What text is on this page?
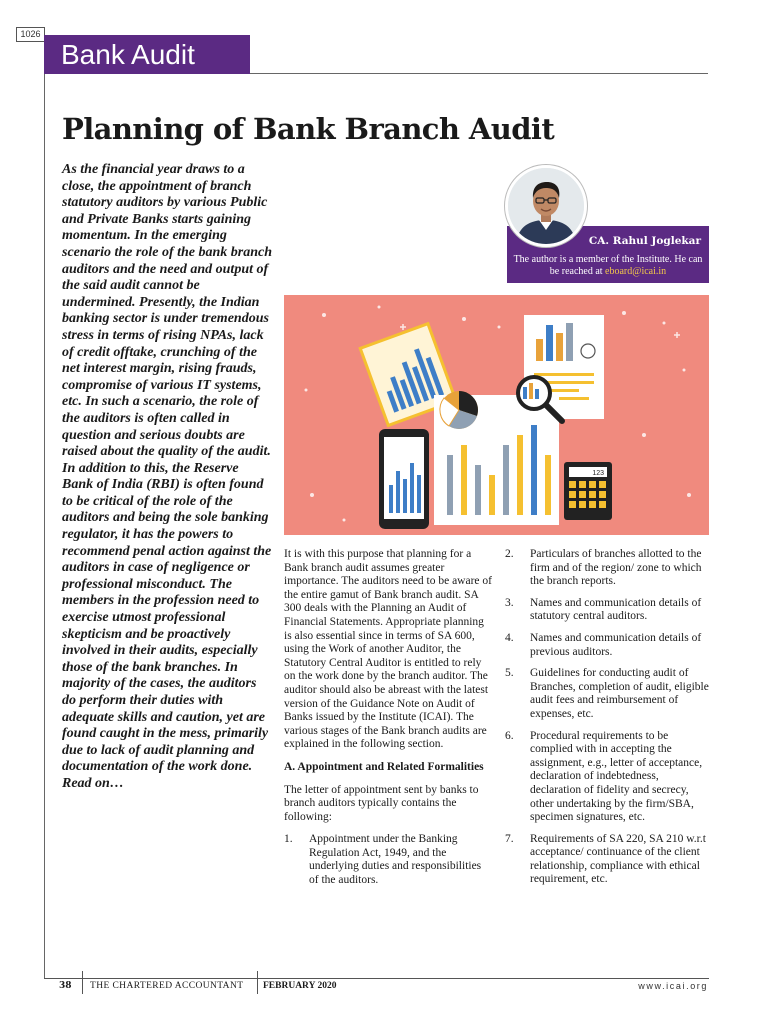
1026
Bank Audit
Planning of Bank Branch Audit

As the financial year draws to a close, the appointment of branch statutory auditors by various Public and Private Banks starts gaining momentum. In the emerging scenario the role of the bank branch auditors and the need and output of the said audit cannot be undermined. Presently, the Indian banking sector is under tremendous stress in terms of rising NPAs, lack of credit offtake, crunching of the net interest margin, rising frauds, compromise of various IT systems, etc. In such a scenario, the role of the auditors is often called in question and serious doubts are raised about the quality of the audit. In addition to this, the Reserve Bank of India (RBI) is often found to be critical of the role of the auditors and being the sole banking regulator, it has the powers to recommend penal action against the auditors in case of negligence or professional misconduct. The members in the profession need to exercise utmost professional skepticism and be proactively involved in their audits, especially those of the bank branches. In majority of the cases, the auditors do perform their duties with adequate skills and caution, yet are found caught in the mess, primarily due to lack of audit planning and documentation of the work done. Read on…

CA. Rahul Joglekar
The author is a member of the Institute. He can be reached at eboard@icai.in
123

It is with this purpose that planning for a Bank branch audit assumes greater importance. The auditors need to be aware of the entire gamut of Bank branch audit. SA 300 deals with the Planning an Audit of Financial Statements. Appropriate planning is also essential since in terms of SA 600, using the Work of another Auditor, the Statutory Central Auditor is entitled to rely on the work done by the branch auditor. The auditor should also be abreast with the latest version of the Guidance Note on Audit of Banks issued by the Institute (ICAI). The various stages of the Bank branch audits are explained in the following section.

A. Appointment and Related Formalities

The letter of appointment sent by banks to branch auditors typically contains the following:

1. Appointment under the Banking Regulation Act, 1949, and the underlying duties and responsibilities of the auditors.
2. Particulars of branches allotted to the firm and of the region/ zone to which the branch reports.
3. Names and communication details of statutory central auditors.
4. Names and communication details of previous auditors.
5. Guidelines for conducting audit of Branches, completion of audit, eligible audit fees and reimbursement of expenses, etc.
6. Procedural requirements to be complied with in accepting the assignment, e.g., letter of acceptance, declaration of indebtedness, declaration of fidelity and secrecy, other undertaking by the firm/SBA, specimen signatures, etc.
7. Requirements of SA 220, SA 210 w.r.t acceptance/ continuance of the client relationship, compliance with ethical requirement, etc.
38 THE CHARTERED ACCOUNTANT FEBRUARY 2020	www.icai.org
